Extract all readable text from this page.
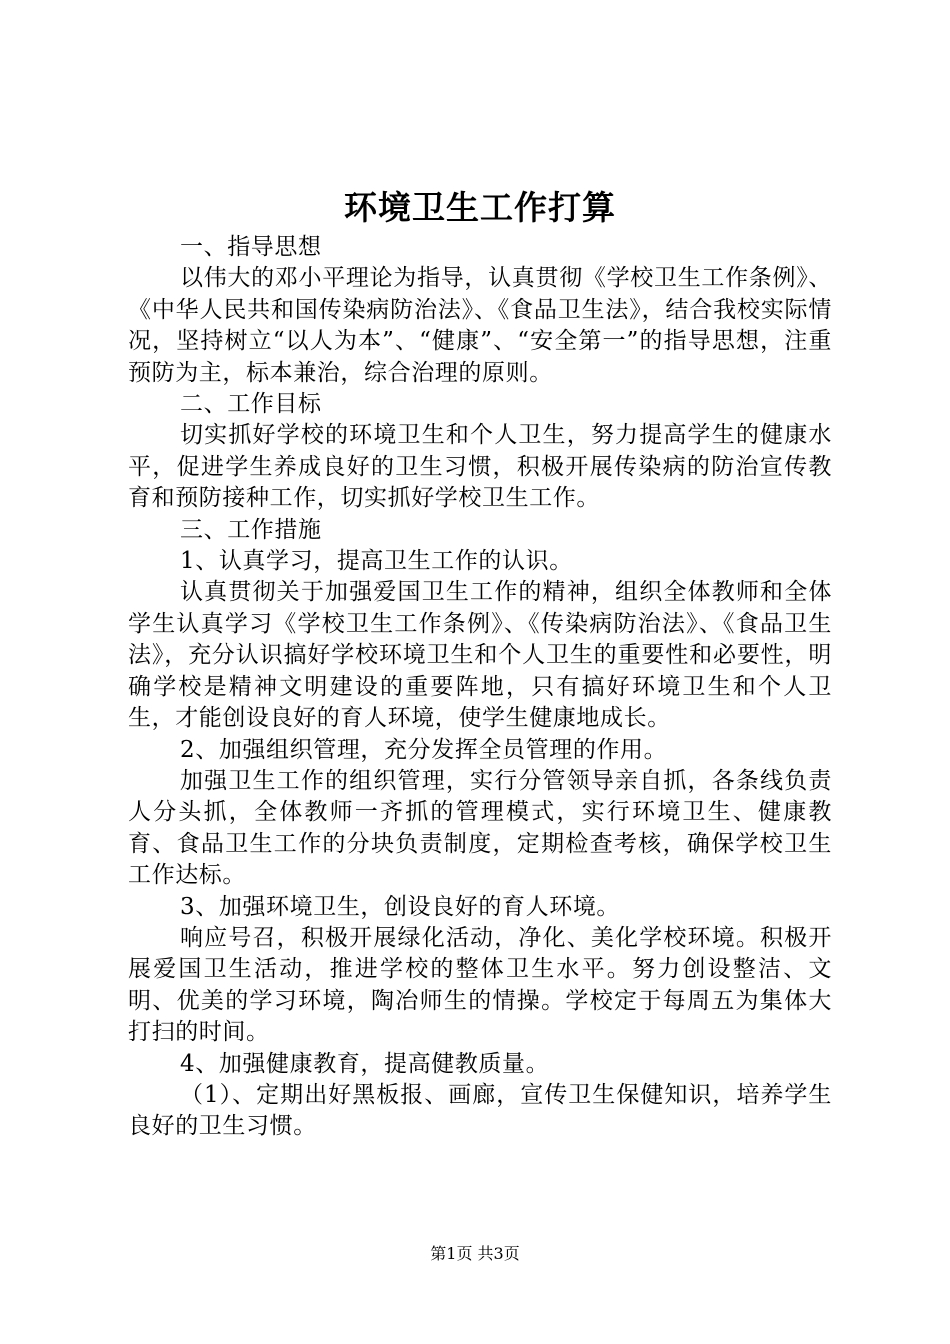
环境卫生工作打算

一、指导思想

以伟大的邓小平理论为指导，认真贯彻《学校卫生工作条例》、《中华人民共和国传染病防治法》、《食品卫生法》，结合我校实际情况，坚持树立“以人为本”、“健康”、“安全第一”的指导思想，注重预防为主，标本兼治，综合治理的原则。

二、工作目标

切实抓好学校的环境卫生和个人卫生，努力提高学生的健康水平，促进学生养成良好的卫生习惯，积极开展传染病的防治宣传教育和预防接种工作，切实抓好学校卫生工作。

三、工作措施

1、认真学习，提高卫生工作的认识。

认真贯彻关于加强爱国卫生工作的精神，组织全体教师和全体学生认真学习《学校卫生工作条例》、《传染病防治法》、《食品卫生法》，充分认识搞好学校环境卫生和个人卫生的重要性和必要性，明确学校是精神文明建设的重要阵地，只有搞好环境卫生和个人卫生，才能创设良好的育人环境，使学生健康地成长。

2、加强组织管理，充分发挥全员管理的作用。

加强卫生工作的组织管理，实行分管领导亲自抓，各条线负责人分头抓，全体教师一齐抓的管理模式，实行环境卫生、健康教育、食品卫生工作的分块负责制度，定期检查考核，确保学校卫生工作达标。

3、加强环境卫生，创设良好的育人环境。

响应号召，积极开展绿化活动，净化、美化学校环境。积极开展爱国卫生活动，推进学校的整体卫生水平。努力创设整洁、文明、优美的学习环境，陶冶师生的情操。学校定于每周五为集体大打扫的时间。

4、加强健康教育，提高健教质量。

（1）、定期出好黑板报、画廊，宣传卫生保健知识，培养学生良好的卫生习惯。

第1页 共3页
